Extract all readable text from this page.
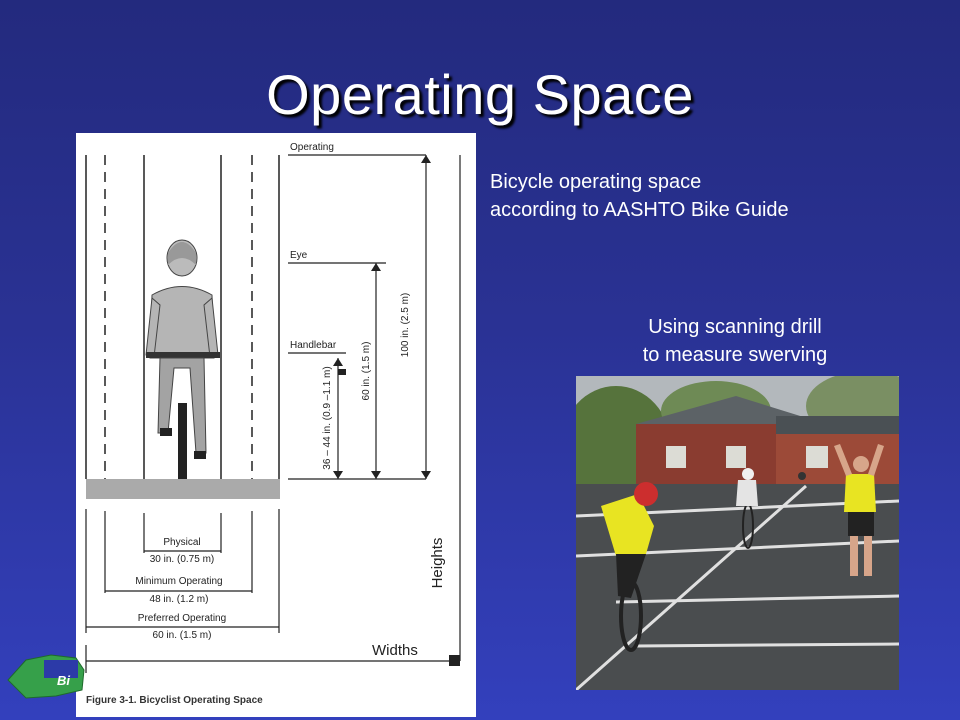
Operating Space
Bicycle operating space
according to AASHTO Bike Guide
Using scanning drill
to measure swerving
Operating
Eye
Handlebar	100 in. (2.5 m)
60 in. (1.5 m)
36 – 44 in. (0.9 –1.1 m)
Physical
30 in. (0.75 m)
Minimum Operating
48 in. (1.2 m)
Preferred Operating
60 in. (1.5 m)
Heights
Widths
Figure 3-1. Bicyclist Operating Space
Bi
